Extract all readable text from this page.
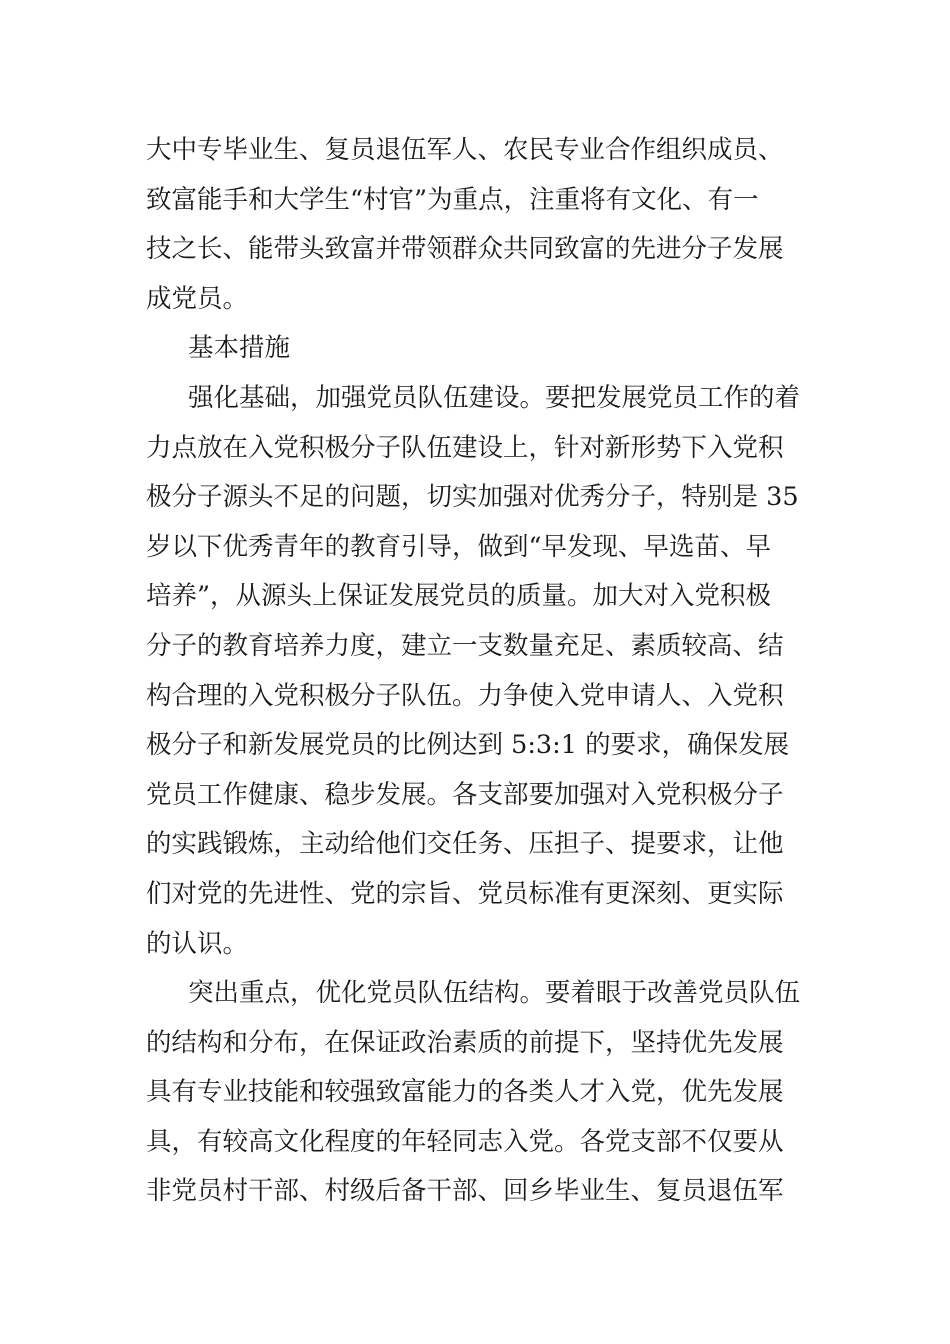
大中专毕业生、复员退伍军人、农民专业合作组织成员、
致富能手和大学生“村官”为重点，注重将有文化、有一
技之长、能带头致富并带领群众共同致富的先进分子发展
成党员。
基本措施
强化基础，加强党员队伍建设。要把发展党员工作的着
力点放在入党积极分子队伍建设上，针对新形势下入党积
极分子源头不足的问题，切实加强对优秀分子，特别是 35
岁以下优秀青年的教育引导，做到“早发现、早选苗、早
培养”，从源头上保证发展党员的质量。加大对入党积极
分子的教育培养力度，建立一支数量充足、素质较高、结
构合理的入党积极分子队伍。力争使入党申请人、入党积
极分子和新发展党员的比例达到 5:3:1 的要求，确保发展
党员工作健康、稳步发展。各支部要加强对入党积极分子
的实践锻炼，主动给他们交任务、压担子、提要求，让他
们对党的先进性、党的宗旨、党员标准有更深刻、更实际
的认识。
突出重点，优化党员队伍结构。要着眼于改善党员队伍
的结构和分布，在保证政治素质的前提下，坚持优先发展
具有专业技能和较强致富能力的各类人才入党，优先发展
具，有较高文化程度的年轻同志入党。各党支部不仅要从
非党员村干部、村级后备干部、回乡毕业生、复员退伍军
